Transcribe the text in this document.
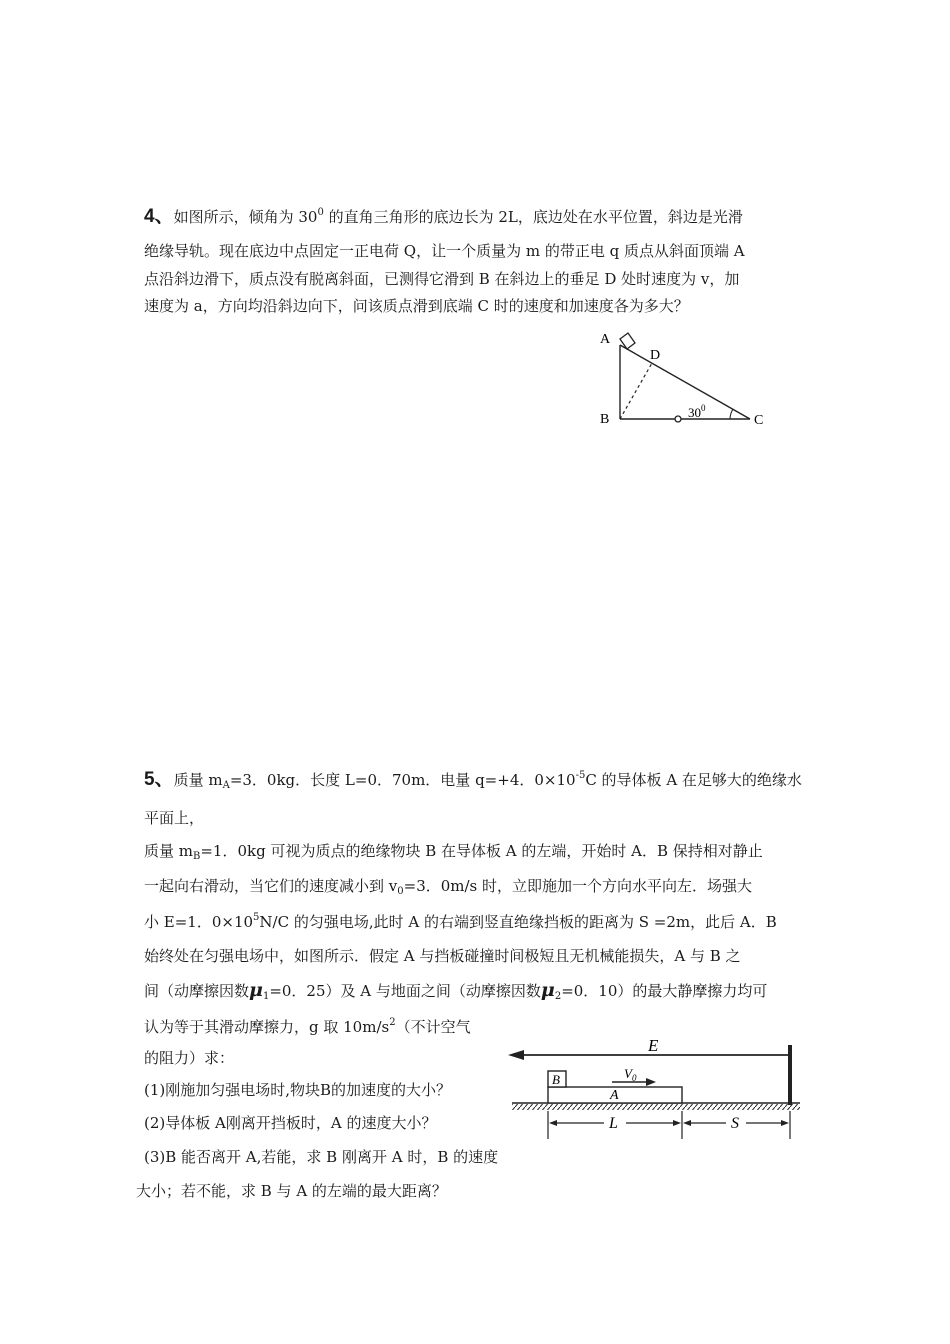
4、如图所示，倾角为 $30^0$ 的直角三角形的底边长为 2L，底边处在水平位置，斜边是光滑
绝缘导轨。现在底边中点固定一正电荷 Q，让一个质量为 m 的带正电 q 质点从斜面顶端 A
点沿斜边滑下，质点没有脱离斜面，已测得它滑到 B 在斜边上的垂足 D 处时速度为 v，加
速度为 a，方向均沿斜边向下，问该质点滑到底端 C 时的速度和加速度各为多大？
A
D
B	C
$30^0$
5、质量 $m_A=3$．0kg．长度 L=0．70m．电量 q=+4．$0\times 10^{-5}C$ 的导体板 A 在足够大的绝缘水
平面上，
质量 $m_B=1$．0kg 可视为质点的绝缘物块 B 在导体板 A 的左端，开始时 A．B 保持相对静止
一起向右滑动，当它们的速度减小到 $v_0=3$．0m/s 时，立即施加一个方向水平向左．场强大
小 E=1．$0\times 10^5N/C$ 的匀强电场,此时 A 的右端到竖直绝缘挡板的距离为 S =2m，此后 A．B
始终处在匀强电场中，如图所示．假定 A 与挡板碰撞时间极短且无机械能损失，A 与 B 之
间（动摩擦因数$\mu_1=0$．25）及 A 与地面之间（动摩擦因数$\mu_2=0$．10）的最大静摩擦力均可
认为等于其滑动摩擦力，g 取 $10m/s^2$（不计空气
的阻力）求：
(1)刚施加匀强电场时,物块B的加速度的大小？
(2)导体板 A刚离开挡板时，A 的速度大小？
(3)B 能否离开 A,若能，求 B 刚离开 A 时，B 的速度
大小；若不能，求 B 与 A 的左端的最大距离？
E
A
B	$V_0$
L	S
